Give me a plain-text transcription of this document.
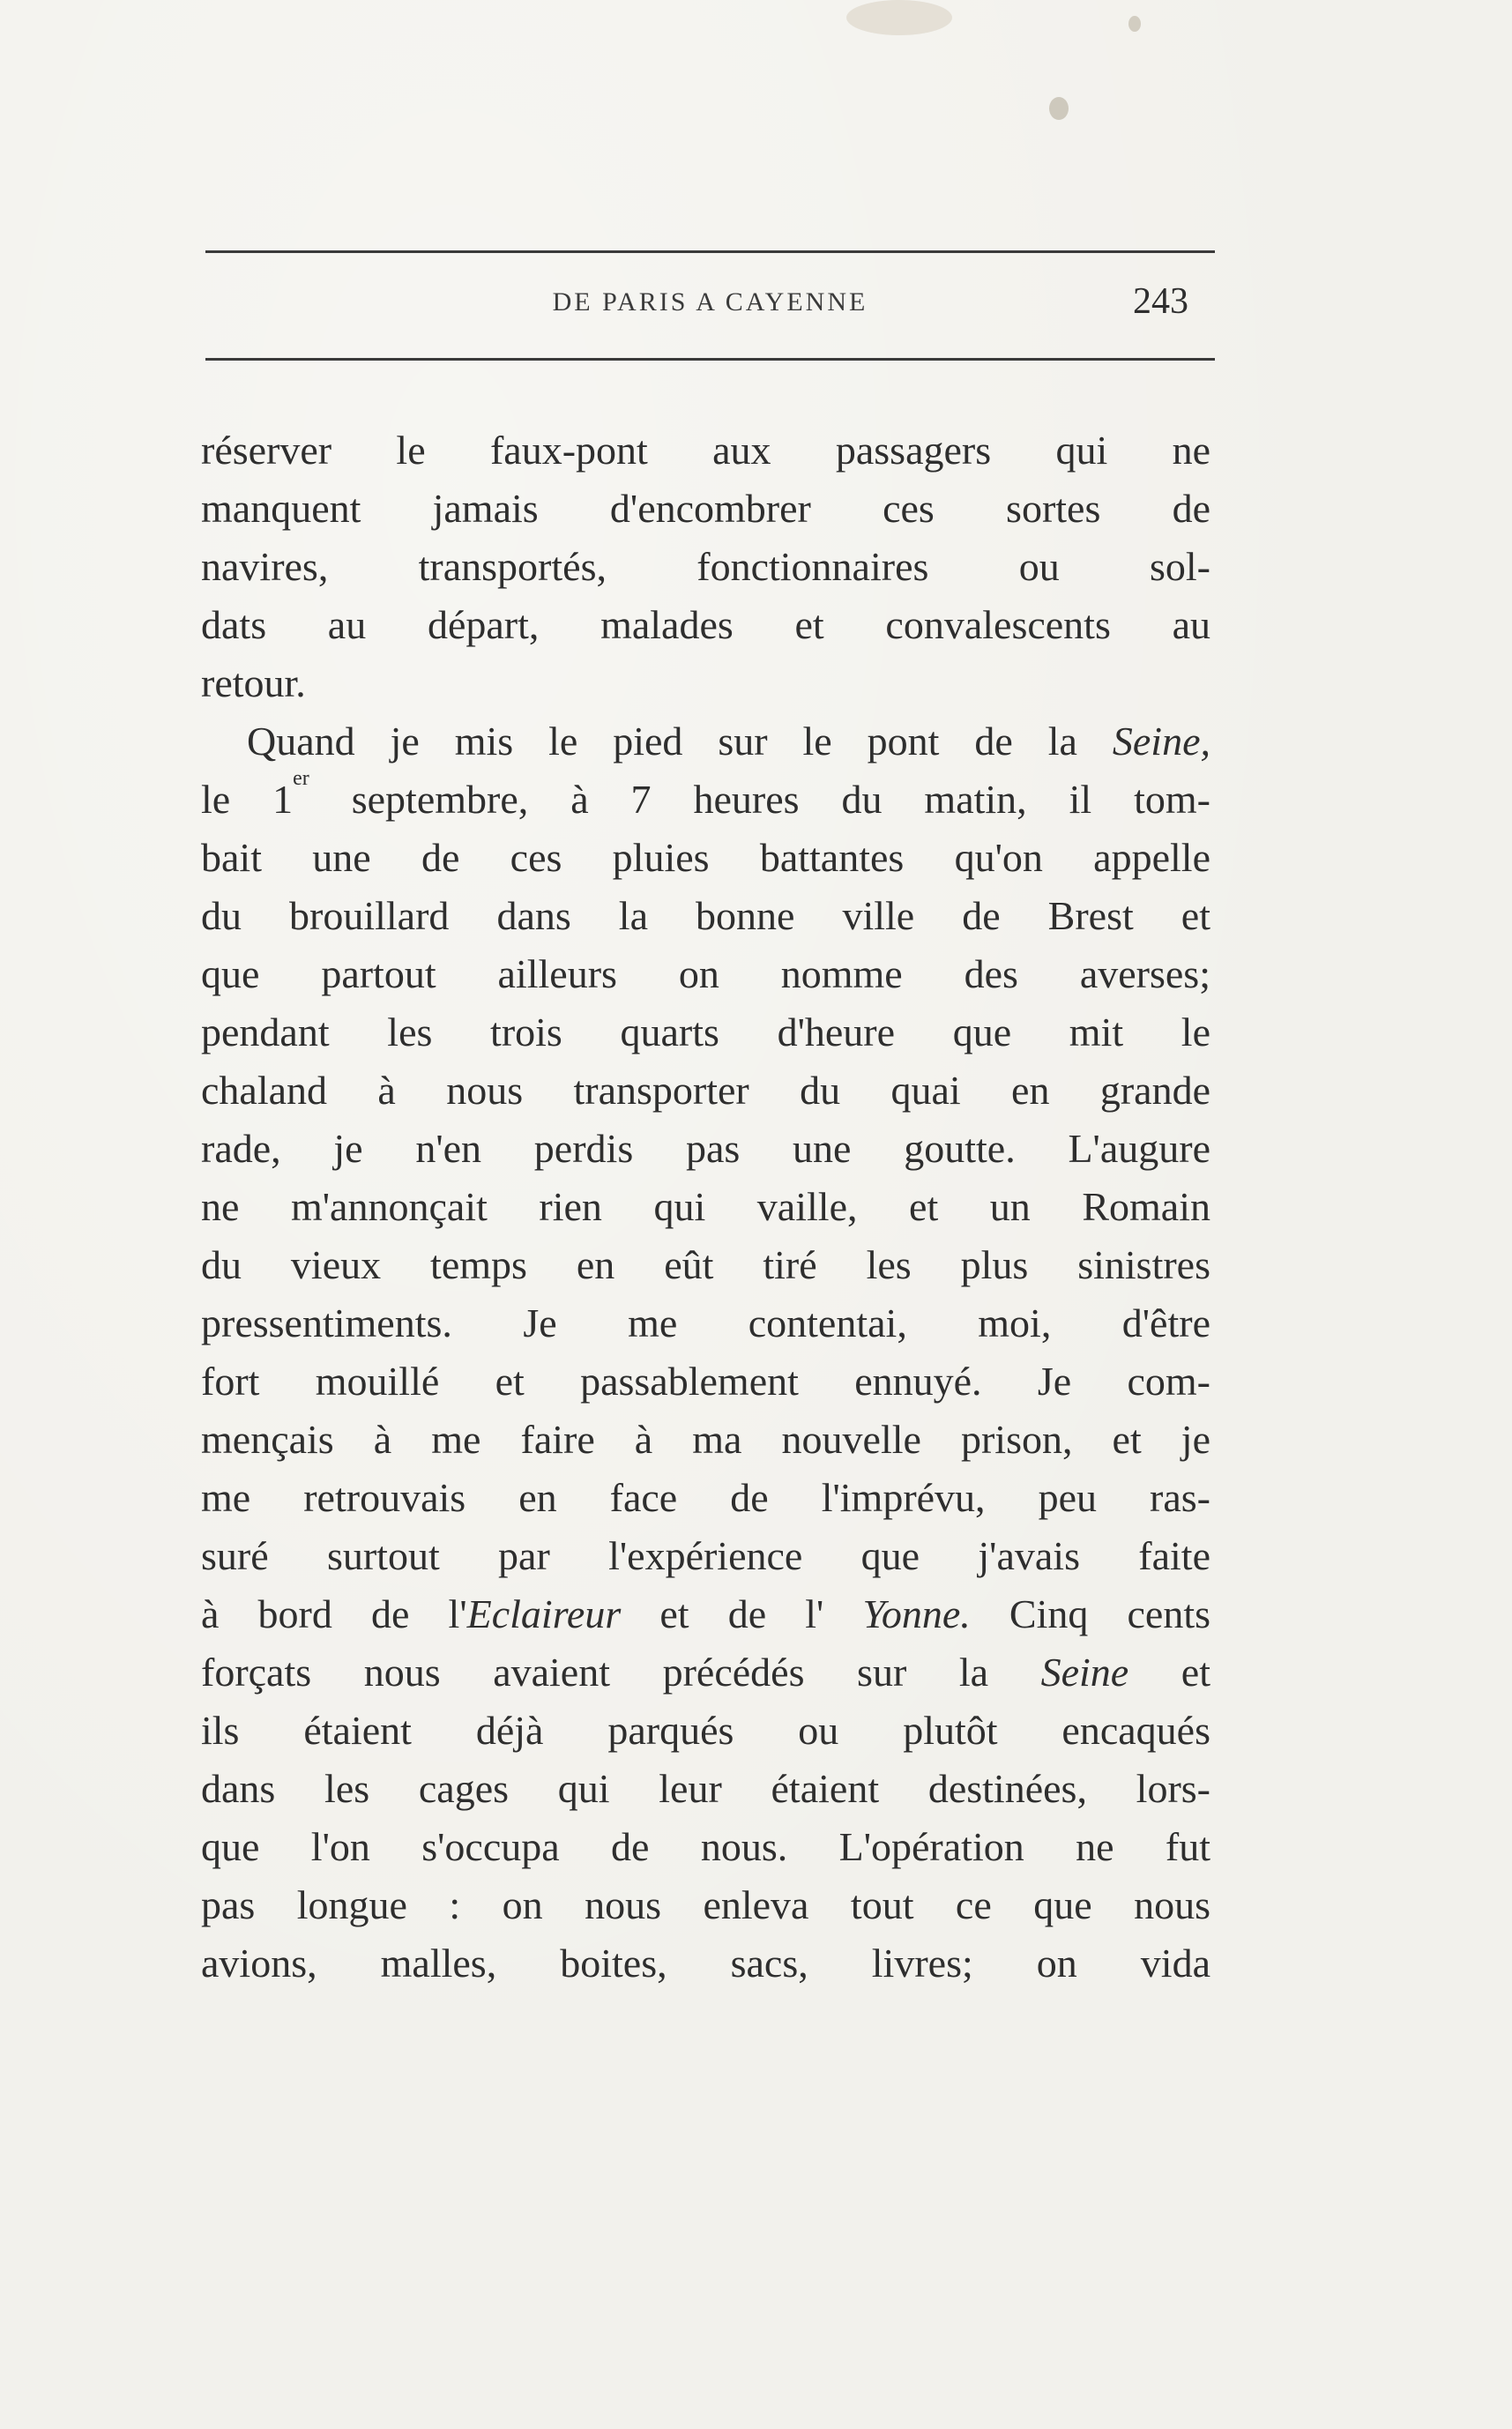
DE PARIS A CAYENNE	243
réserver le faux-pont aux passagers qui ne
manquent jamais d'encombrer ces sortes de
navires, transportés, fonctionnaires ou sol-
dats au départ, malades et convalescents au
retour.
Quand je mis le pied sur le pont de la Seine,
le 1er septembre, à 7 heures du matin, il tom-
bait une de ces pluies battantes qu'on appelle
du brouillard dans la bonne ville de Brest et
que partout ailleurs on nomme des averses;
pendant les trois quarts d'heure que mit le
chaland à nous transporter du quai en grande
rade, je n'en perdis pas une goutte. L'augure
ne m'annonçait rien qui vaille, et un Romain
du vieux temps en eût tiré les plus sinistres
pressentiments. Je me contentai, moi, d'être
fort mouillé et passablement ennuyé. Je com-
mençais à me faire à ma nouvelle prison, et je
me retrouvais en face de l'imprévu, peu ras-
suré surtout par l'expérience que j'avais faite
à bord de l'Eclaireur et de l' Yonne. Cinq cents
forçats nous avaient précédés sur la Seine et
ils étaient déjà parqués ou plutôt encaqués
dans les cages qui leur étaient destinées, lors-
que l'on s'occupa de nous. L'opération ne fut
pas longue : on nous enleva tout ce que nous
avions, malles, boites, sacs, livres; on vida
